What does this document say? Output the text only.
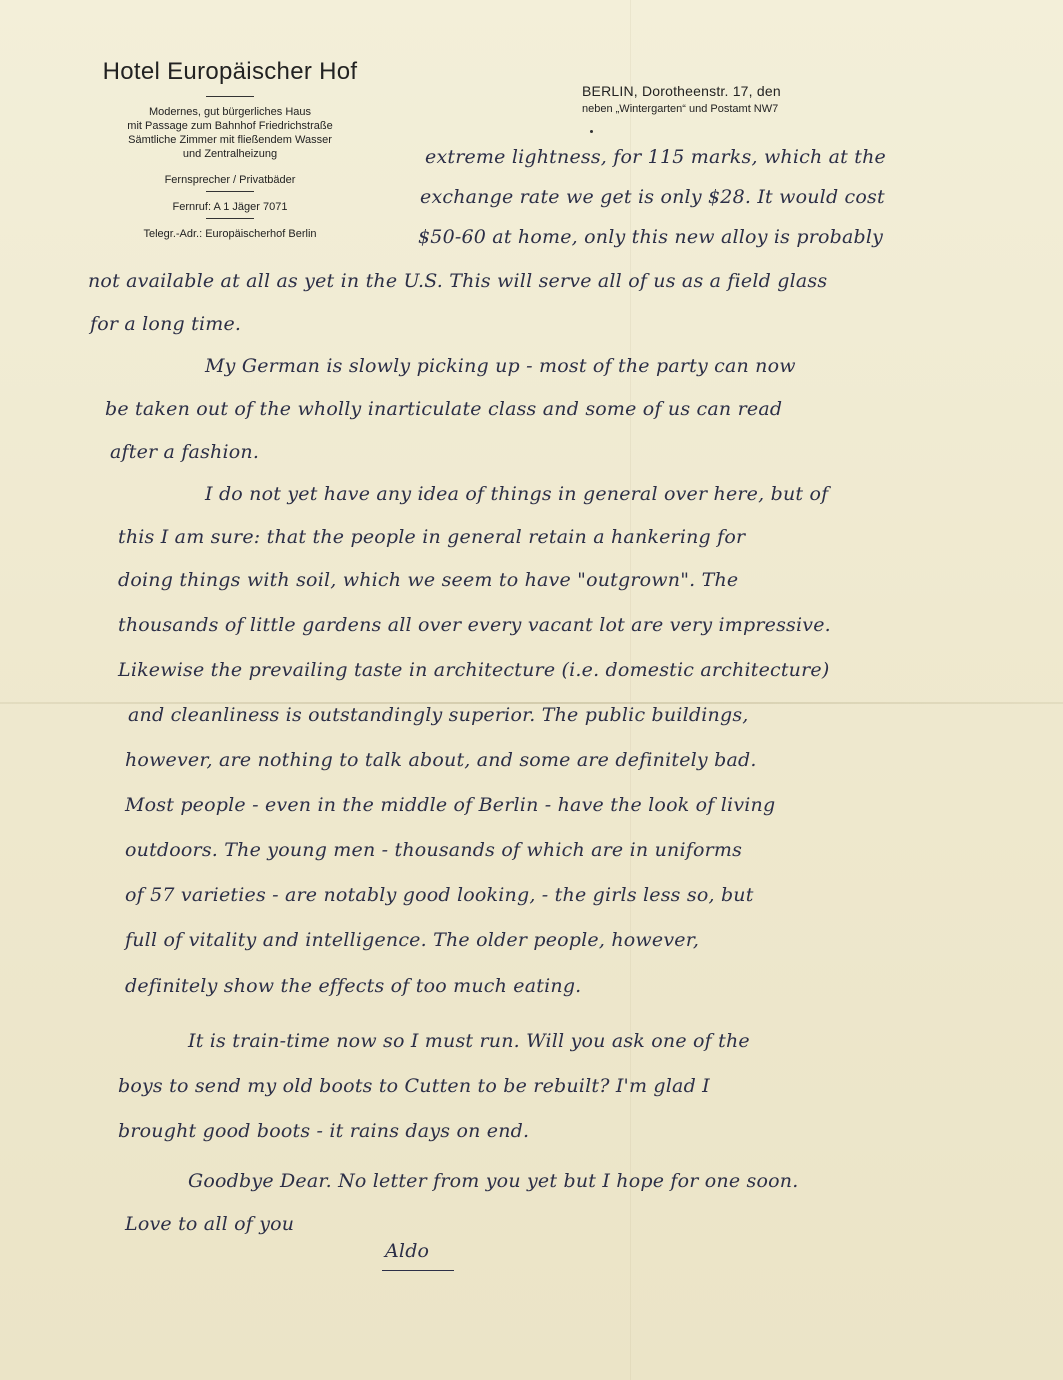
Hotel Europäischer Hof

Modernes, gut bürgerliches Haus

mit Passage zum Bahnhof Friedrichstraße

Sämtliche Zimmer mit fließendem Wasser

und Zentralheizung

Fernsprecher / Privatbäder

Fernruf: A 1 Jäger 7071

Telegr.-Adr.: Europäischerhof Berlin

BERLIN, Dorotheenstr. 17, den

neben „Wintergarten“ und Postamt NW7

extreme lightness, for 115 marks, which at the
exchange rate we get is only $28. It would cost
$50-60 at home, only this new alloy is probably
not available at all as yet in the U.S. This will serve all of us as a field glass
for a long time.
My German is slowly picking up - most of the party can now
be taken out of the wholly inarticulate class and some of us can read
after a fashion.
I do not yet have any idea of things in general over here, but of
this I am sure: that the people in general retain a hankering for
doing things with soil, which we seem to have "outgrown". The
thousands of little gardens all over every vacant lot are very impressive.
Likewise the prevailing taste in architecture (i.e. domestic architecture)
and cleanliness is outstandingly superior. The public buildings,
however, are nothing to talk about, and some are definitely bad.
Most people - even in the middle of Berlin - have the look of living
outdoors. The young men - thousands of which are in uniforms
of 57 varieties - are notably good looking, - the girls less so, but
full of vitality and intelligence. The older people, however,
definitely show the effects of too much eating.
It is train-time now so I must run. Will you ask one of the
boys to send my old boots to Cutten to be rebuilt? I'm glad I
brought good boots - it rains days on end.
Goodbye Dear. No letter from you yet but I hope for one soon.
Love to all of you
Aldo
